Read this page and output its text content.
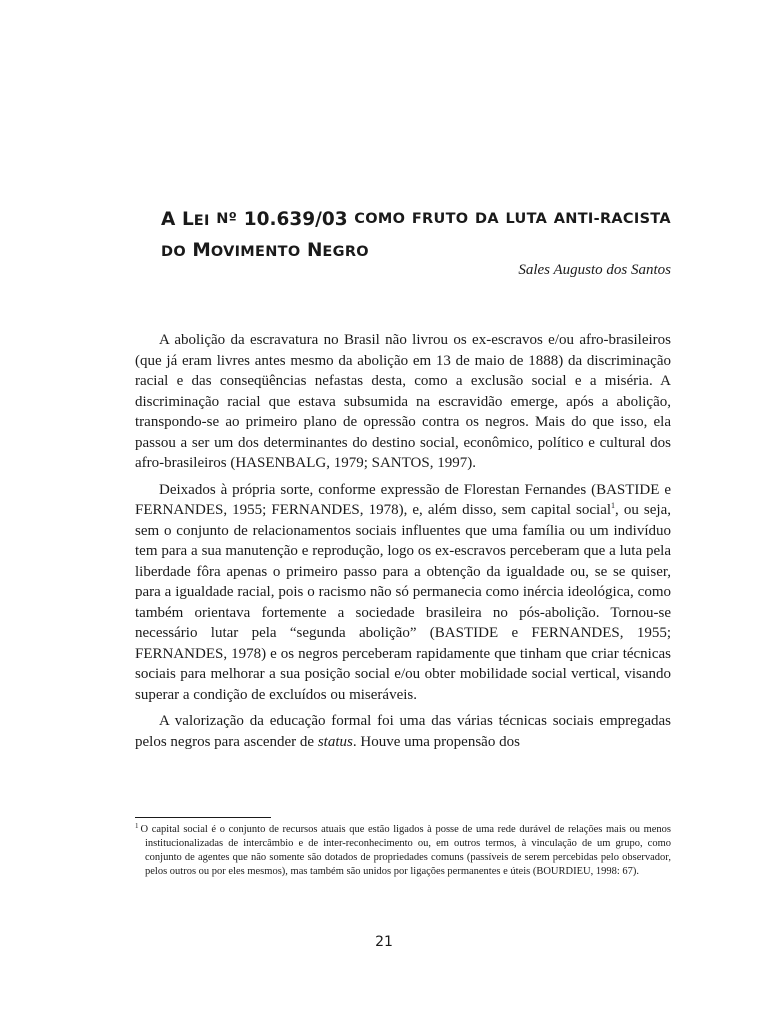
A LEI Nº 10.639/03 COMO FRUTO DA LUTA ANTI-RACISTA
DO MOVIMENTO NEGRO
Sales Augusto dos Santos

A abolição da escravatura no Brasil não livrou os ex-escravos e/ou afro-brasileiros (que já eram livres antes mesmo da abolição em 13 de maio de 1888) da discriminação racial e das conseqüências nefastas desta, como a exclusão social e a miséria. A discriminação racial que estava subsumida na escravidão emerge, após a abolição, transpondo-se ao primeiro plano de opressão contra os negros. Mais do que isso, ela passou a ser um dos determinantes do destino social, econômico, político e cultural dos afro-brasileiros (HASENBALG, 1979; SANTOS, 1997).

Deixados à própria sorte, conforme expressão de Florestan Fernandes (BASTIDE e FERNANDES, 1955; FERNANDES, 1978), e, além disso, sem capital social$^1$, ou seja, sem o conjunto de relacionamentos sociais influentes que uma família ou um indivíduo tem para a sua manutenção e reprodução, logo os ex-escravos perceberam que a luta pela liberdade fôra apenas o primeiro passo para a obtenção da igualdade ou, se se quiser, para a igualdade racial, pois o racismo não só permanecia como inércia ideológica, como também orientava fortemente a sociedade brasileira no pós-abolição. Tornou-se necessário lutar pela “segunda abolição” (BASTIDE e FERNANDES, 1955; FERNANDES, 1978) e os negros perceberam rapidamente que tinham que criar técnicas sociais para melhorar a sua posição social e/ou obter mobilidade social vertical, visando superar a condição de excluídos ou miseráveis.

A valorização da educação formal foi uma das várias técnicas sociais empregadas pelos negros para ascender de status. Houve uma propensão dos

$^1$ O capital social é o conjunto de recursos atuais que estão ligados à posse de uma rede durável de relações mais ou menos institucionalizadas de intercâmbio e de inter-reconhecimento ou, em outros termos, à vinculação de um grupo, como conjunto de agentes que não somente são dotados de propriedades comuns (passíveis de serem percebidas pelo observador, pelos outros ou por eles mesmos), mas também são unidos por ligações permanentes e úteis (BOURDIEU, 1998: 67).
21
